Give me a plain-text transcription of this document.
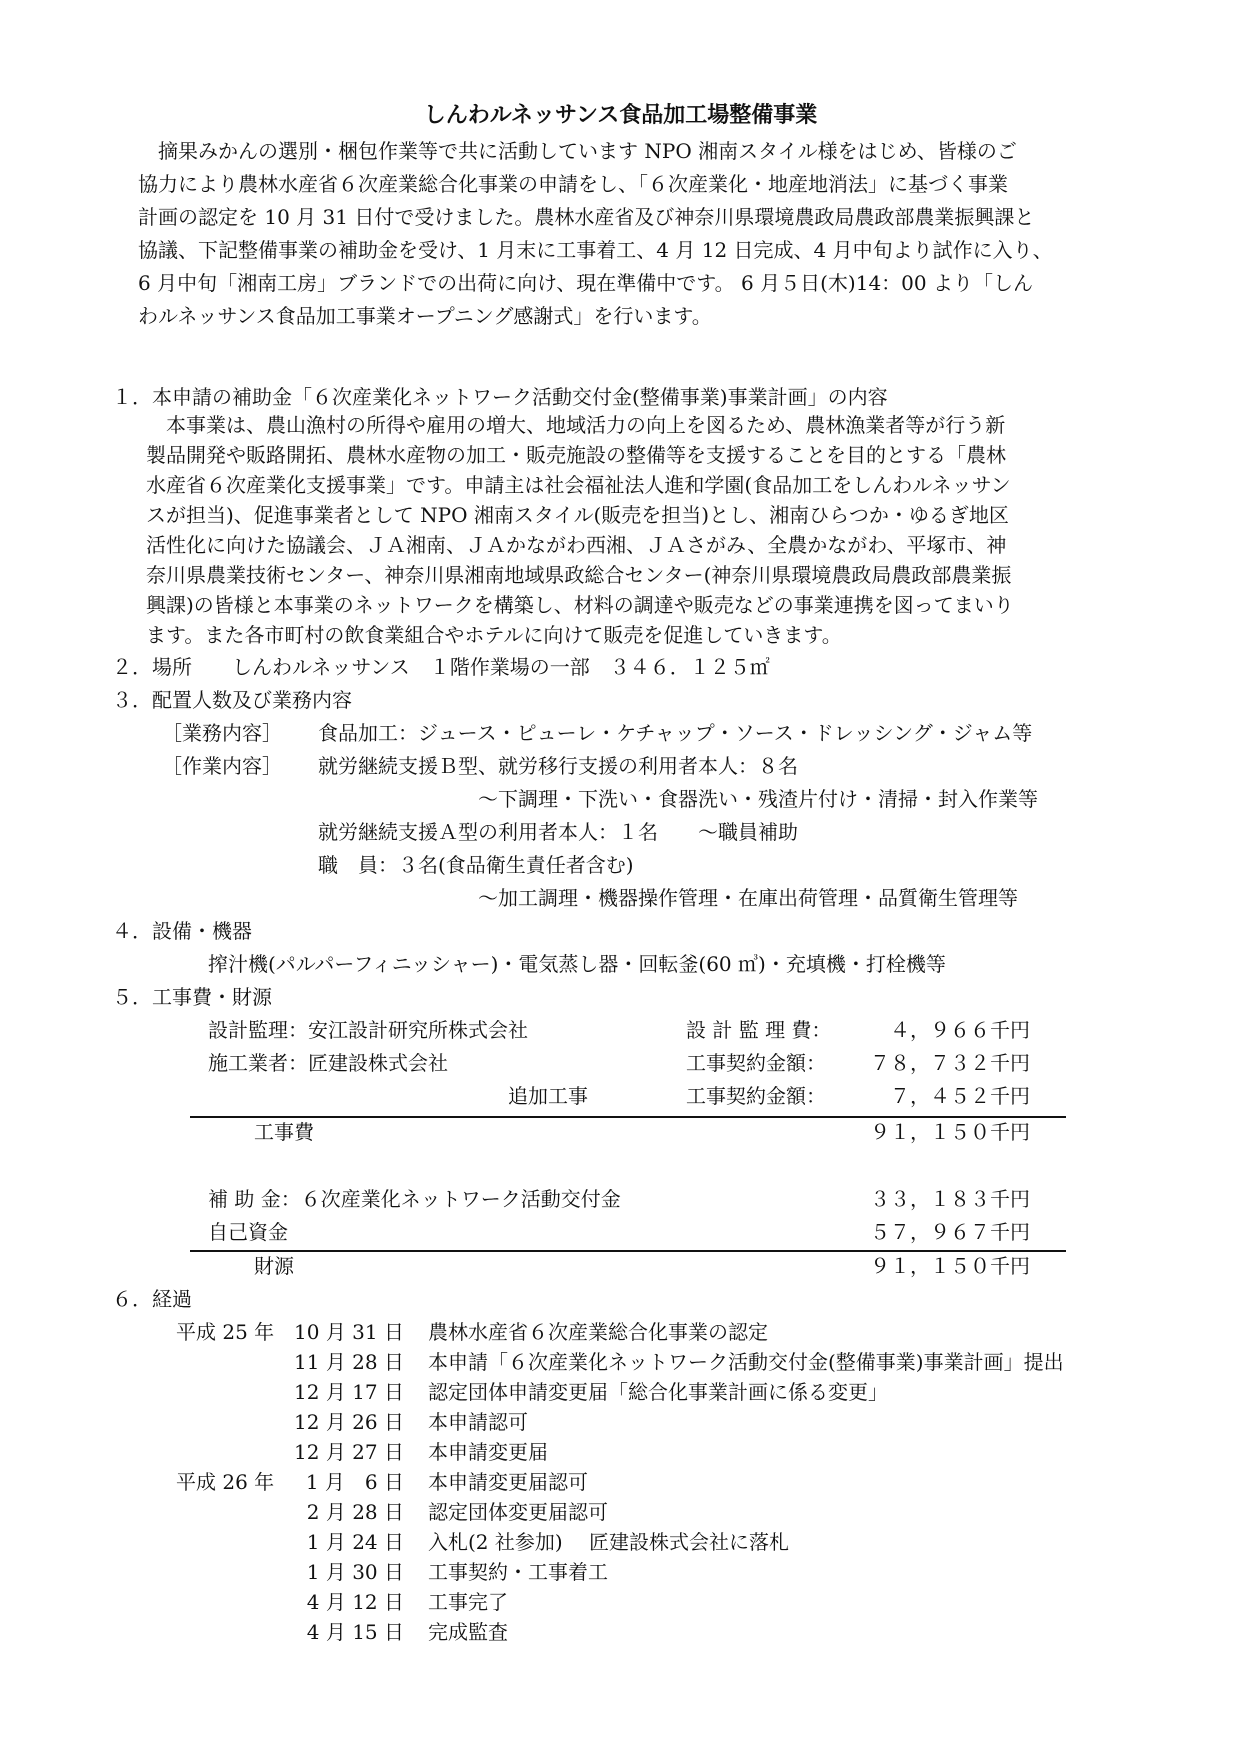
しんわルネッサンス食品加工場整備事業
　摘果みかんの選別・梱包作業等で共に活動しています NPO 湘南スタイル様をはじめ、皆様のご
協力により農林水産省６次産業総合化事業の申請をし、「６次産業化・地産地消法」に基づく事業
計画の認定を 10 月 31 日付で受けました。農林水産省及び神奈川県環境農政局農政部農業振興課と
協議、下記整備事業の補助金を受け、1 月末に工事着工、4 月 12 日完成、4 月中旬より試作に入り、
6 月中旬「湘南工房」ブランドでの出荷に向け、現在準備中です。 6 月５日(木)14：00 より「しん
わルネッサンス食品加工事業オープニング感謝式」を行います。
１．本申請の補助金「６次産業化ネットワーク活動交付金(整備事業)事業計画」の内容
　本事業は、農山漁村の所得や雇用の増大、地域活力の向上を図るため、農林漁業者等が行う新
製品開発や販路開拓、農林水産物の加工・販売施設の整備等を支援することを目的とする「農林
水産省６次産業化支援事業」です。申請主は社会福祉法人進和学園(食品加工をしんわルネッサン
スが担当)、促進事業者として NPO 湘南スタイル(販売を担当)とし、湘南ひらつか・ゆるぎ地区
活性化に向けた協議会、ＪＡ湘南、ＪＡかながわ西湘、ＪＡさがみ、全農かながわ、平塚市、神
奈川県農業技術センター、神奈川県湘南地域県政総合センター(神奈川県環境農政局農政部農業振
興課)の皆様と本事業のネットワークを構築し、材料の調達や販売などの事業連携を図ってまいり
ます。また各市町村の飲食業組合やホテルに向けて販売を促進していきます。
２．場所　　しんわルネッサンス　１階作業場の一部　３４６．１２５㎡
３．配置人数及び業務内容
［業務内容］ 食品加工：ジュース・ピューレ・ケチャップ・ソース・ドレッシング・ジャム等
［作業内容］ 就労継続支援Ｂ型、就労移行支援の利用者本人：８名
～下調理・下洗い・食器洗い・残渣片付け・清掃・封入作業等
就労継続支援Ａ型の利用者本人：１名　　～職員補助
職　員：３名(食品衛生責任者含む)
～加工調理・機器操作管理・在庫出荷管理・品質衛生管理等
４．設備・機器
搾汁機(パルパーフィニッシャー)・電気蒸し器・回転釜(60 ㎥)・充填機・打栓機等
５．工事費・財源
設計監理：安江設計研究所株式会社	設 計 監 理 費：	４，９６６千円
施工業者：匠建設株式会社	工事契約金額：	７８，７３２千円
追加工事	工事契約金額：	７，４５２千円
工事費	９１，１５０千円
補 助 金：６次産業化ネットワーク活動交付金	３３，１８３千円
自己資金	５７，９６７千円
財源	９１，１５０千円
６．経過
平成 25 年 10 月 31 日 農林水産省６次産業総合化事業の認定
11 月 28 日 本申請「６次産業化ネットワーク活動交付金(整備事業)事業計画」提出
12 月 17 日 認定団体申請変更届「総合化事業計画に係る変更」
12 月 26 日 本申請認可
12 月 27 日 本申請変更届
平成 26 年	1 月　6 日 本申請変更届認可
2 月 28 日 認定団体変更届認可
1 月 24 日 入札(2 社参加)　 匠建設株式会社に落札
1 月 30 日 工事契約・工事着工
4 月 12 日 工事完了
4 月 15 日 完成監査
